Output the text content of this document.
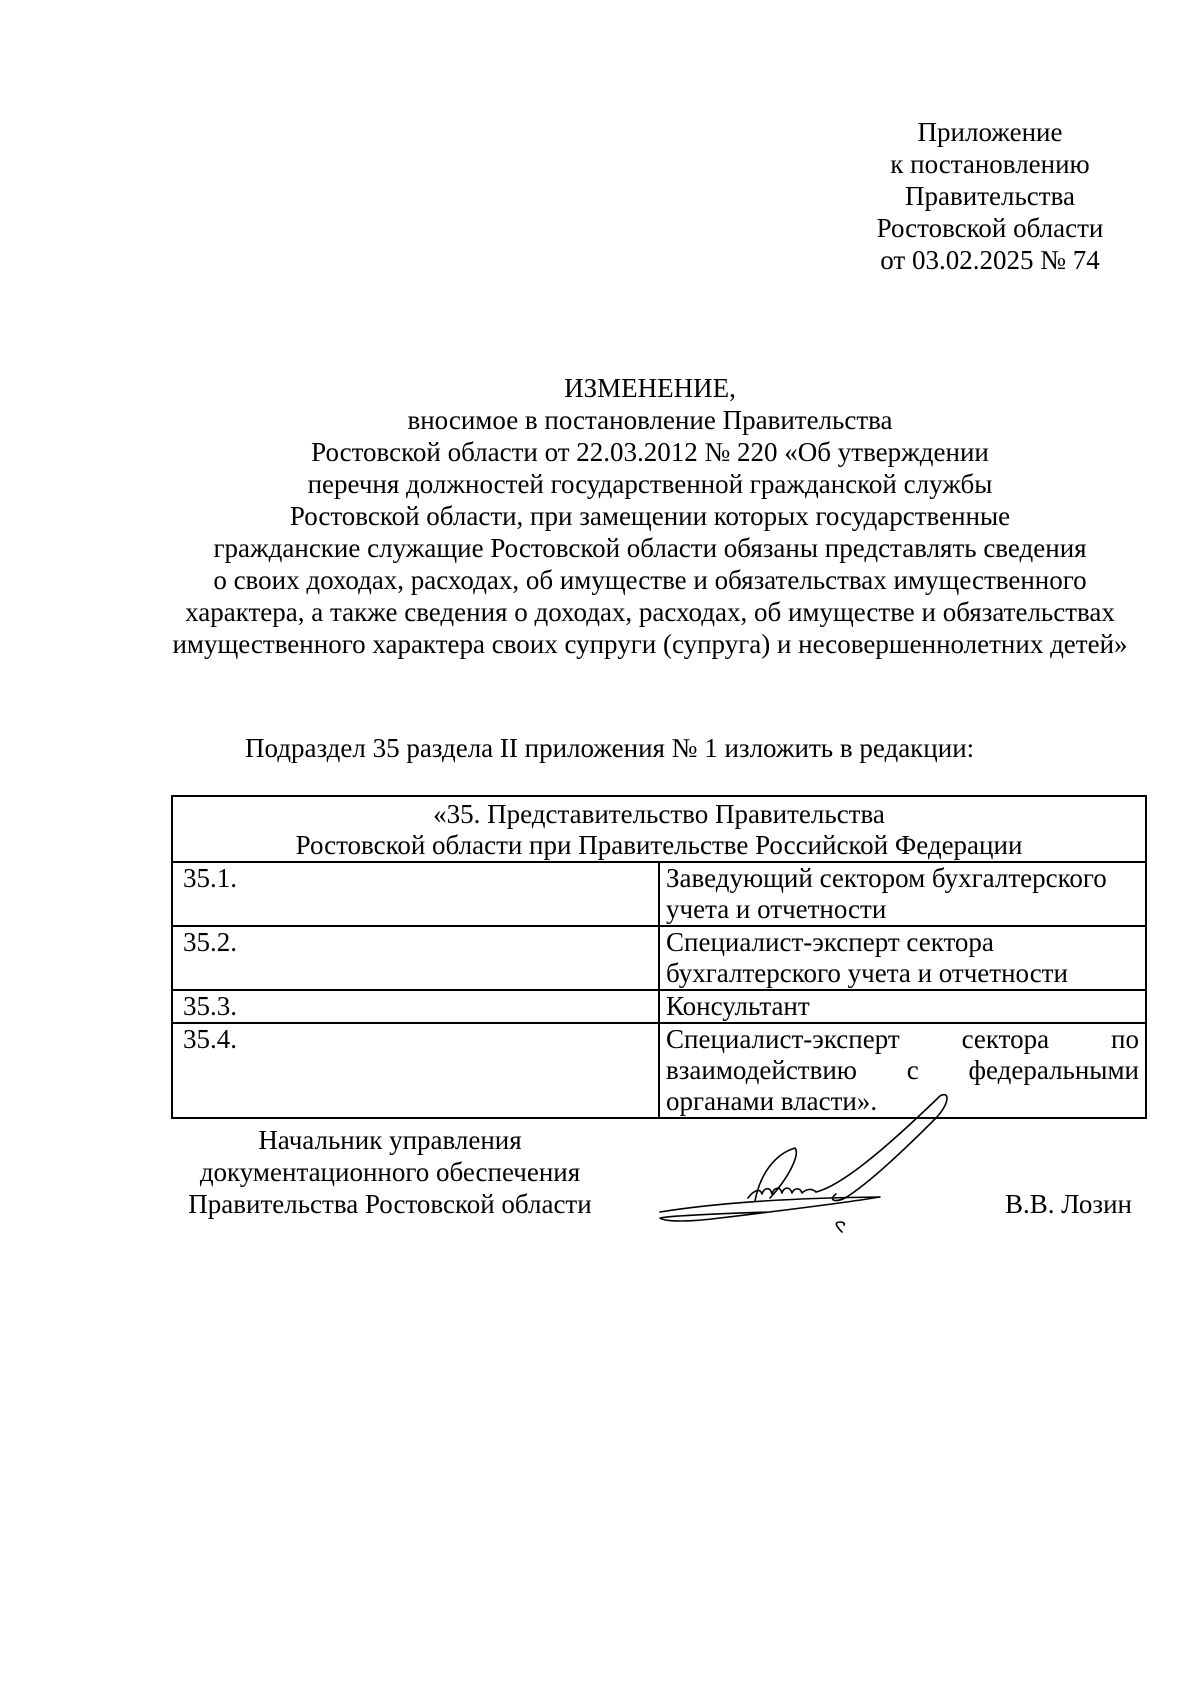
Приложение
к постановлению
Правительства
Ростовской области
от 03.02.2025 № 74
ИЗМЕНЕНИЕ,
вносимое в постановление Правительства
Ростовской области от 22.03.2012 № 220 «Об утверждении
перечня должностей государственной гражданской службы
Ростовской области, при замещении которых государственные
гражданские служащие Ростовской области обязаны представлять сведения
о своих доходах, расходах, об имуществе и обязательствах имущественного
характера, а также сведения о доходах, расходах, об имуществе и обязательствах
имущественного характера своих супруги (супруга) и несовершеннолетних детей»
Подраздел 35 раздела II приложения № 1 изложить в редакции:
«35. Представительство Правительства
Ростовской области при Правительстве Российской Федерации	

35.1.	Заведующий сектором бухгалтерского учета и отчетности
35.2.	Специалист-эксперт сектора бухгалтерского учета и отчетности
35.3.	Консультант
35.4.	Специалист-эксперт сектора по взаимодействию с федеральными органами власти».
Начальник управления
документационного обеспечения
Правительства Ростовской области	В.В. Лозин
